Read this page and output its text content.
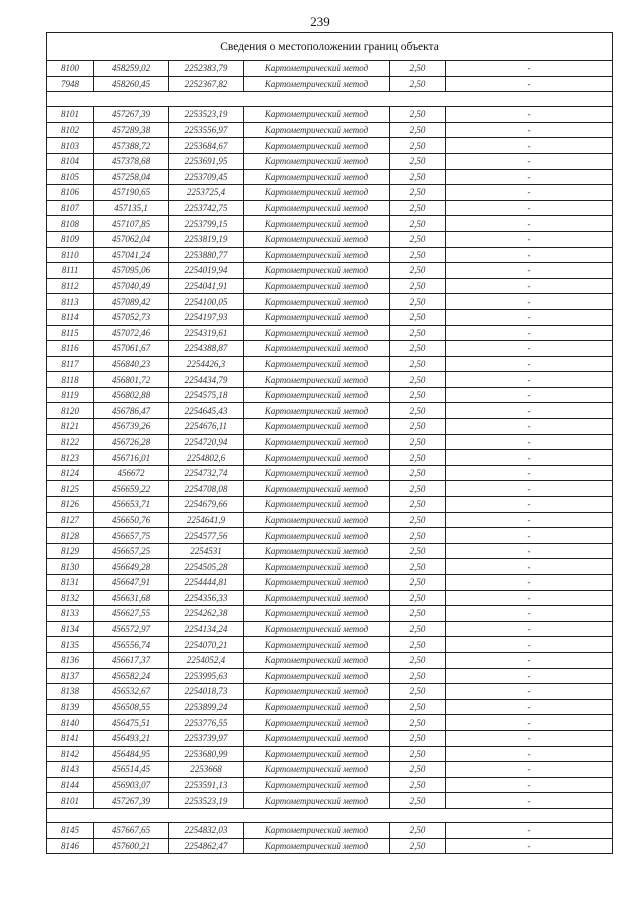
239
Сведения о местоположении границ объекта					
8100	458259,02	2252383,79	Картометрический метод	2,50	-
7948	458260,45	2252367,82	Картометрический метод	2,50	-

8101	457267,39	2253523,19	Картометрический метод	2,50	-
8102	457289,38	2253556,97	Картометрический метод	2,50	-
8103	457388,72	2253684,67	Картометрический метод	2,50	-
8104	457378,68	2253691,95	Картометрический метод	2,50	-
8105	457258,04	2253709,45	Картометрический метод	2,50	-
8106	457190,65	2253725,4	Картометрический метод	2,50	-
8107	457135,1	2253742,75	Картометрический метод	2,50	-
8108	457107,85	2253799,15	Картометрический метод	2,50	-
8109	457062,04	2253819,19	Картометрический метод	2,50	-
8110	457041,24	2253880,77	Картометрический метод	2,50	-
8111	457095,06	2254019,94	Картометрический метод	2,50	-
8112	457040,49	2254041,91	Картометрический метод	2,50	-
8113	457089,42	2254100,05	Картометрический метод	2,50	-
8114	457052,73	2254197,93	Картометрический метод	2,50	-
8115	457072,46	2254319,61	Картометрический метод	2,50	-
8116	457061,67	2254388,87	Картометрический метод	2,50	-
8117	456840,23	2254426,3	Картометрический метод	2,50	-
8118	456801,72	2254434,79	Картометрический метод	2,50	-
8119	456802,88	2254575,18	Картометрический метод	2,50	-
8120	456786,47	2254645,43	Картометрический метод	2,50	-
8121	456739,26	2254676,11	Картометрический метод	2,50	-
8122	456726,28	2254720,94	Картометрический метод	2,50	-
8123	456716,01	2254802,6	Картометрический метод	2,50	-
8124	456672	2254732,74	Картометрический метод	2,50	-
8125	456659,22	2254708,08	Картометрический метод	2,50	-
8126	456653,71	2254679,66	Картометрический метод	2,50	-
8127	456650,76	2254641,9	Картометрический метод	2,50	-
8128	456657,75	2254577,56	Картометрический метод	2,50	-
8129	456657,25	2254531	Картометрический метод	2,50	-
8130	456649,28	2254505,28	Картометрический метод	2,50	-
8131	456647,91	2254444,81	Картометрический метод	2,50	-
8132	456631,68	2254356,33	Картометрический метод	2,50	-
8133	456627,55	2254262,38	Картометрический метод	2,50	-
8134	456572,97	2254134,24	Картометрический метод	2,50	-
8135	456556,74	2254070,21	Картометрический метод	2,50	-
8136	456617,37	2254052,4	Картометрический метод	2,50	-
8137	456582,24	2253995,63	Картометрический метод	2,50	-
8138	456532,67	2254018,73	Картометрический метод	2,50	-
8139	456508,55	2253899,24	Картометрический метод	2,50	-
8140	456475,51	2253776,55	Картометрический метод	2,50	-
8141	456493,21	2253739,97	Картометрический метод	2,50	-
8142	456484,95	2253680,99	Картометрический метод	2,50	-
8143	456514,45	2253668	Картометрический метод	2,50	-
8144	456903,07	2253591,13	Картометрический метод	2,50	-
8101	457267,39	2253523,19	Картометрический метод	2,50	-

8145	457667,65	2254832,03	Картометрический метод	2,50	-
8146	457600,21	2254862,47	Картометрический метод	2,50	-
